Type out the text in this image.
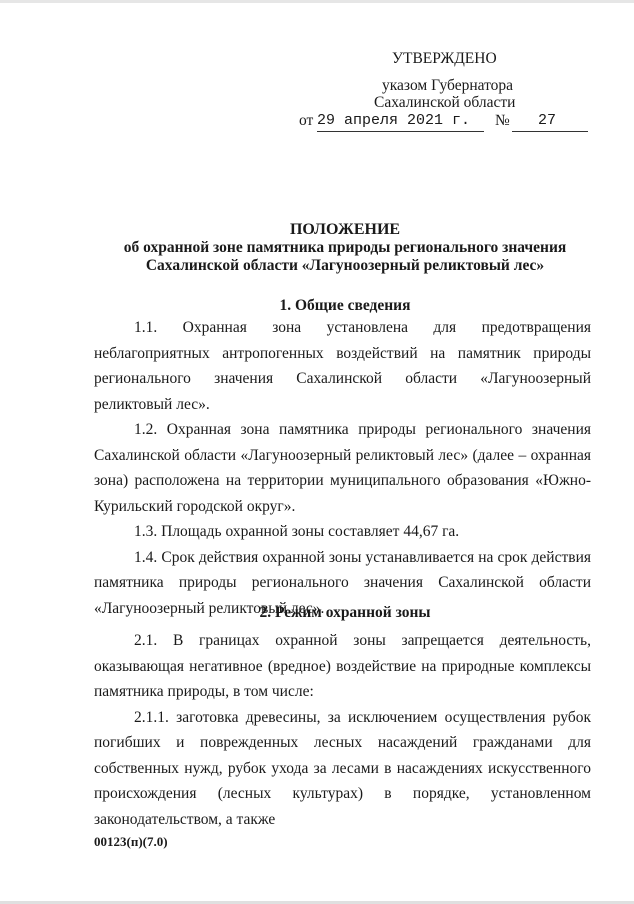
УТВЕРЖДЕНО
указом Губернатора
Сахалинской области
от 29 апреля 2021 г.	№ 27
ПОЛОЖЕНИЕ
об охранной зоне памятника природы регионального значения
Сахалинской области «Лагуноозерный реликтовый лес»
1. Общие сведения

1.1. Охранная зона установлена для предотвращения неблагоприятных антропогенных воздействий на памятник природы регионального значения Сахалинской области «Лагуноозерный реликтовый лес».

1.2. Охранная зона памятника природы регионального значения Сахалинской области «Лагуноозерный реликтовый лес» (далее – охранная зона) расположена на территории муниципального образования «Южно-Курильский городской округ».

1.3. Площадь охранной зоны составляет 44,67 га.

1.4. Срок действия охранной зоны устанавливается на срок действия памятника природы регионального значения Сахалинской области «Лагуноозерный реликтовый лес».

2. Режим охранной зоны

2.1. В границах охранной зоны запрещается деятельность, оказывающая негативное (вредное) воздействие на природные комплексы памятника природы, в том числе:

2.1.1. заготовка древесины, за исключением осуществления рубок погибших и поврежденных лесных насаждений гражданами для собственных нужд, рубок ухода за лесами в насаждениях искусственного происхождения (лесных культурах) в порядке, установленном законодательством, а также

00123(п)(7.0)
